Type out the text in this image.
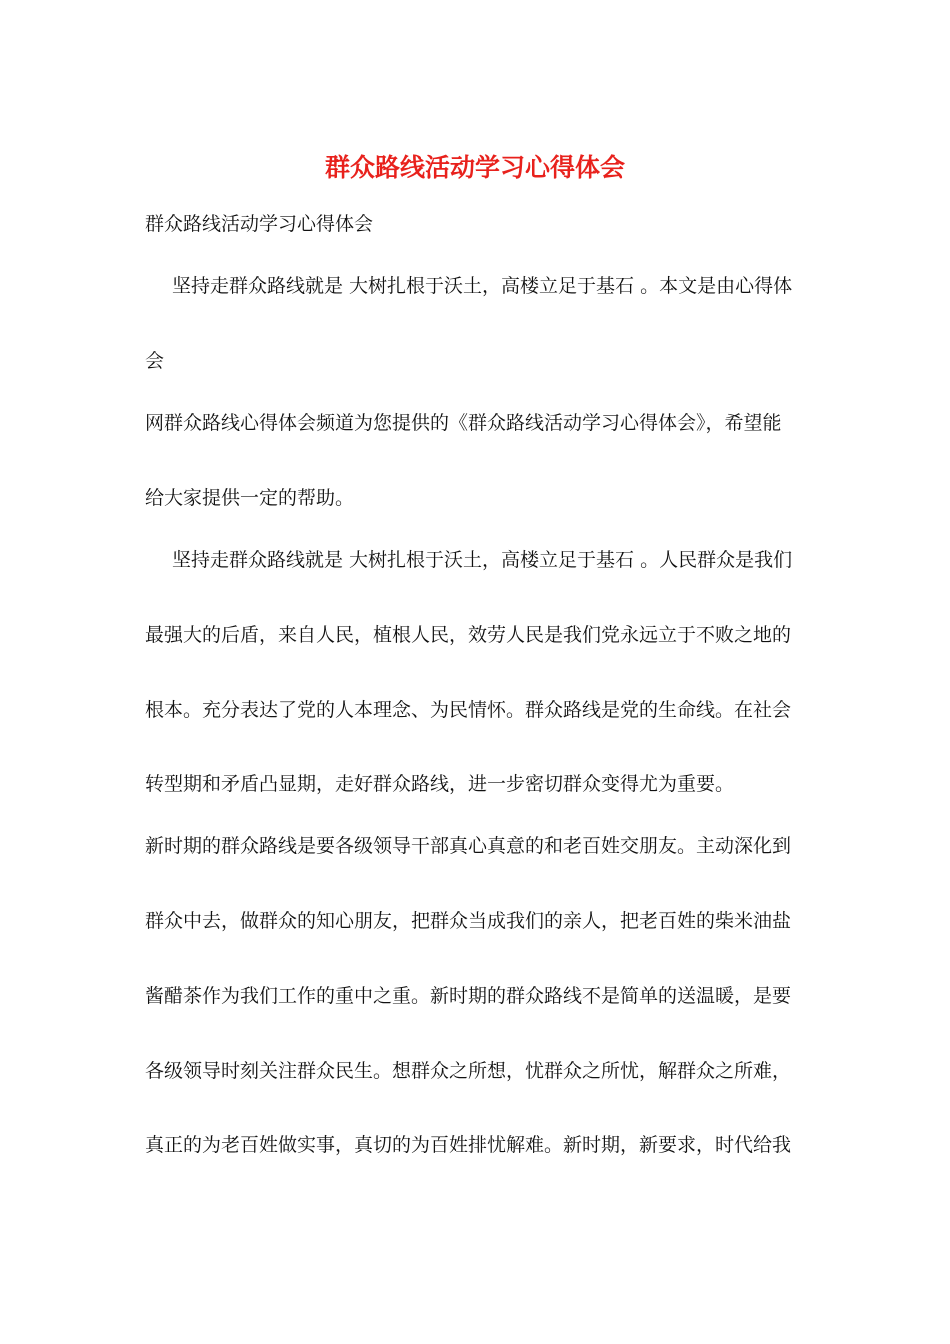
群众路线活动学习心得体会

群众路线活动学习心得体会

坚持走群众路线就是 大树扎根于沃土，高楼立足于基石 。本文是由心得体

会

网群众路线心得体会频道为您提供的《群众路线活动学习心得体会》，希望能

给大家提供一定的帮助。

坚持走群众路线就是 大树扎根于沃土，高楼立足于基石 。人民群众是我们

最强大的后盾，来自人民，植根人民，效劳人民是我们党永远立于不败之地的

根本。充分表达了党的人本理念、为民情怀。群众路线是党的生命线。在社会

转型期和矛盾凸显期，走好群众路线，进一步密切群众变得尤为重要。

新时期的群众路线是要各级领导干部真心真意的和老百姓交朋友。主动深化到

群众中去，做群众的知心朋友，把群众当成我们的亲人，把老百姓的柴米油盐

酱醋茶作为我们工作的重中之重。新时期的群众路线不是简单的送温暖，是要

各级领导时刻关注群众民生。想群众之所想，忧群众之所忧，解群众之所难，

真正的为老百姓做实事，真切的为百姓排忧解难。新时期，新要求，时代给我
